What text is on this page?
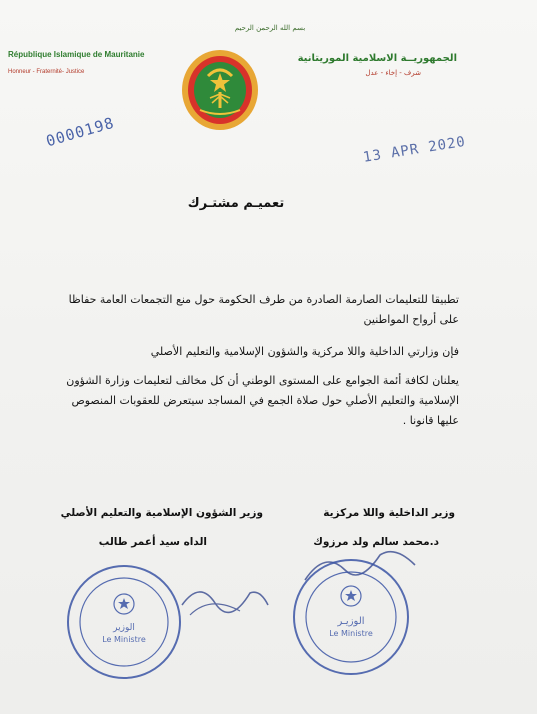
بسم الله الرحمن الرحيم
République Islamique de Mauritanie
Honneur - Fraternité- Justice
الجمهوريــة الاسلامية الموريتانية
شرف - إخاء - عدل
0000198	13 APR 2020
تعميـم مشتـرك
تطبيقا للتعليمات الصارمة الصادرة من طرف الحكومة حول منع التجمعات العامة حفاظا على أرواح المواطنين
فإن وزارتي الداخلية واللا مركزية والشؤون الإسلامية والتعليم الأصلي
يعلنان لكافة أئمة الجوامع على المستوى الوطني أن كل مخالف لتعليمات وزارة الشؤون الإسلامية والتعليم الأصلي حول صلاة الجمع في المساجد سيتعرض للعقوبات المنصوص عليها قانونا .
وزير الداخلية واللا مركزية
وزير الشؤون الإسلامية والتعليم الأصلي
د.محمد سالم ولد مرزوك
الداه سيد أعمر طالب
الوزير
Le Ministre
الوزيـر
Le Ministre
